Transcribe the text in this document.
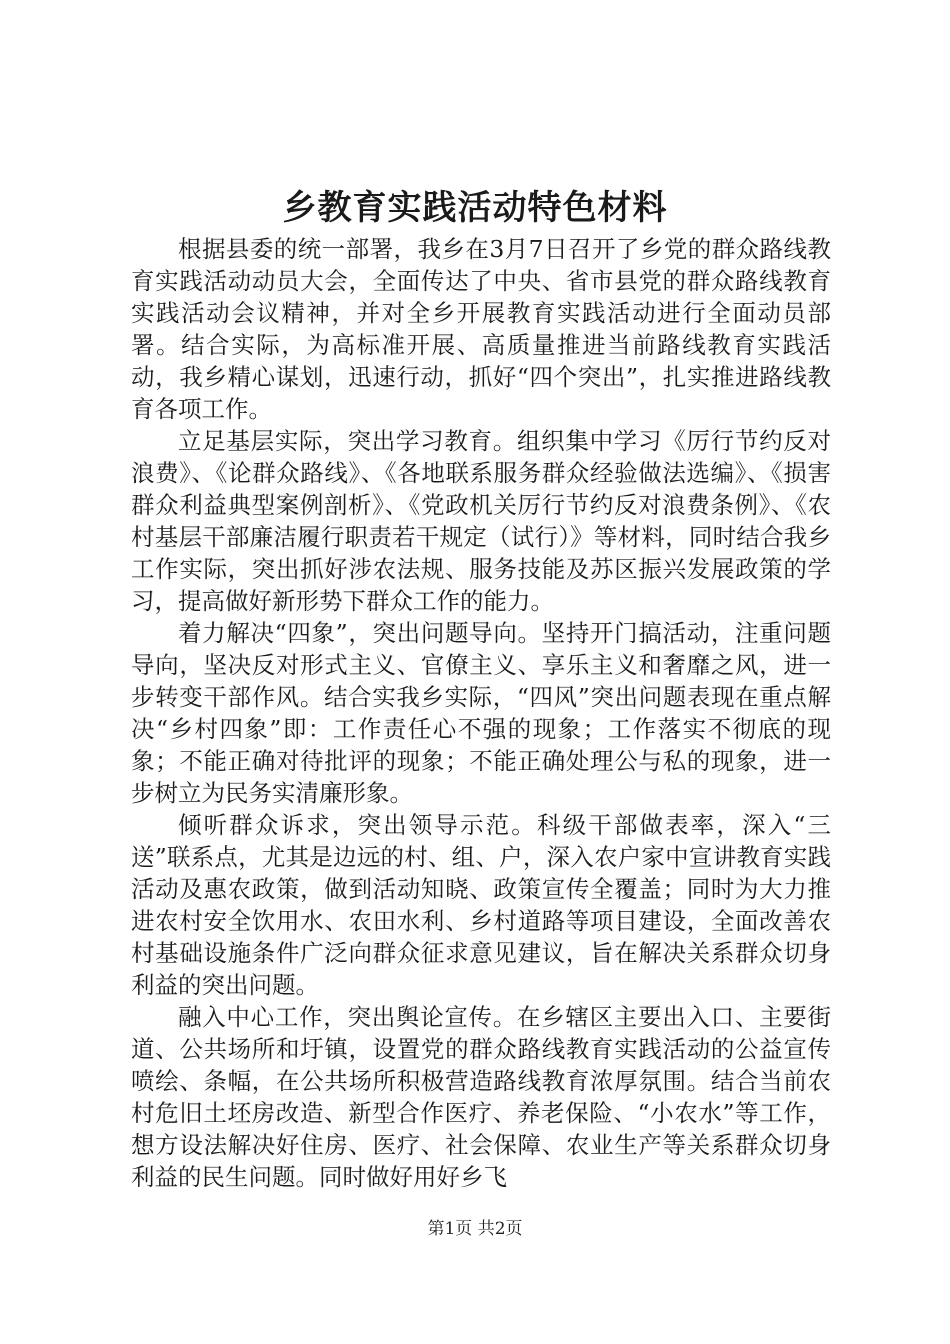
乡教育实践活动特色材料

根据县委的统一部署，我乡在3月7日召开了乡党的群众路线教育实践活动动员大会，全面传达了中央、省市县党的群众路线教育实践活动会议精神，并对全乡开展教育实践活动进行全面动员部署。结合实际，为高标准开展、高质量推进当前路线教育实践活动，我乡精心谋划，迅速行动，抓好“四个突出”，扎实推进路线教育各项工作。

立足基层实际，突出学习教育。组织集中学习《厉行节约反对浪费》、《论群众路线》、《各地联系服务群众经验做法选编》、《损害群众利益典型案例剖析》、《党政机关厉行节约反对浪费条例》、《农村基层干部廉洁履行职责若干规定（试行）》等材料，同时结合我乡工作实际，突出抓好涉农法规、服务技能及苏区振兴发展政策的学习，提高做好新形势下群众工作的能力。

着力解决“四象”，突出问题导向。坚持开门搞活动，注重问题导向，坚决反对形式主义、官僚主义、享乐主义和奢靡之风，进一步转变干部作风。结合实我乡实际，“四风”突出问题表现在重点解决“乡村四象”即：工作责任心不强的现象；工作落实不彻底的现象；不能正确对待批评的现象；不能正确处理公与私的现象，进一步树立为民务实清廉形象。

倾听群众诉求，突出领导示范。科级干部做表率，深入“三送”联系点，尤其是边远的村、组、户，深入农户家中宣讲教育实践活动及惠农政策，做到活动知晓、政策宣传全覆盖；同时为大力推进农村安全饮用水、农田水利、乡村道路等项目建设，全面改善农村基础设施条件广泛向群众征求意见建议，旨在解决关系群众切身利益的突出问题。

融入中心工作，突出舆论宣传。在乡辖区主要出入口、主要街道、公共场所和圩镇，设置党的群众路线教育实践活动的公益宣传喷绘、条幅，在公共场所积极营造路线教育浓厚氛围。结合当前农村危旧土坯房改造、新型合作医疗、养老保险、“小农水”等工作，想方设法解决好住房、医疗、社会保障、农业生产等关系群众切身利益的民生问题。同时做好用好乡飞

第1页 共2页
